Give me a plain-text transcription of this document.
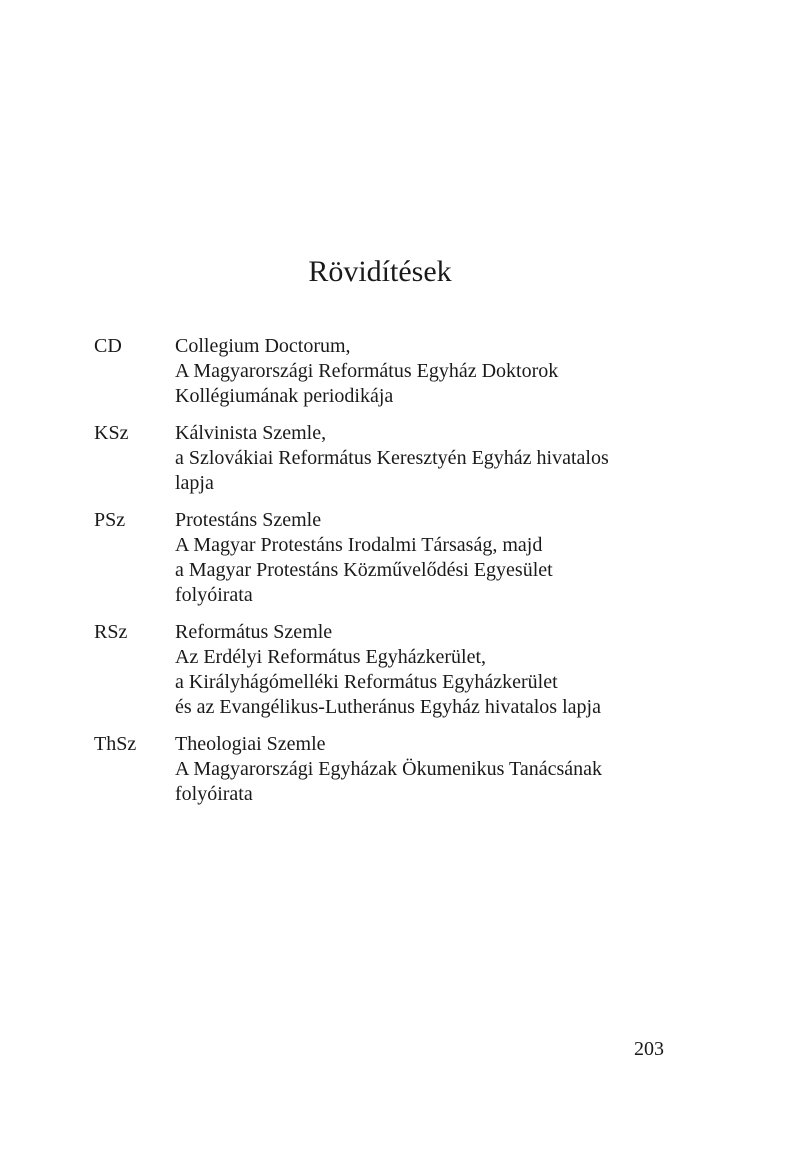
Rövidítések
CD	Collegium Doctorum,
A Magyarországi Református Egyház Doktorok
Kollégiumának periodikája
KSz	Kálvinista Szemle,
a Szlovákiai Református Keresztyén Egyház hivatalos
lapja
PSz	Protestáns Szemle
A Magyar Protestáns Irodalmi Társaság, majd
a Magyar Protestáns Közművelődési Egyesület
folyóirata
RSz	Református Szemle
Az Erdélyi Református Egyházkerület,
a Királyhágómelléki Református Egyházkerület
és az Evangélikus-Lutheránus Egyház hivatalos lapja
ThSz	Theologiai Szemle
A Magyarországi Egyházak Ökumenikus Tanácsának
folyóirata
203
